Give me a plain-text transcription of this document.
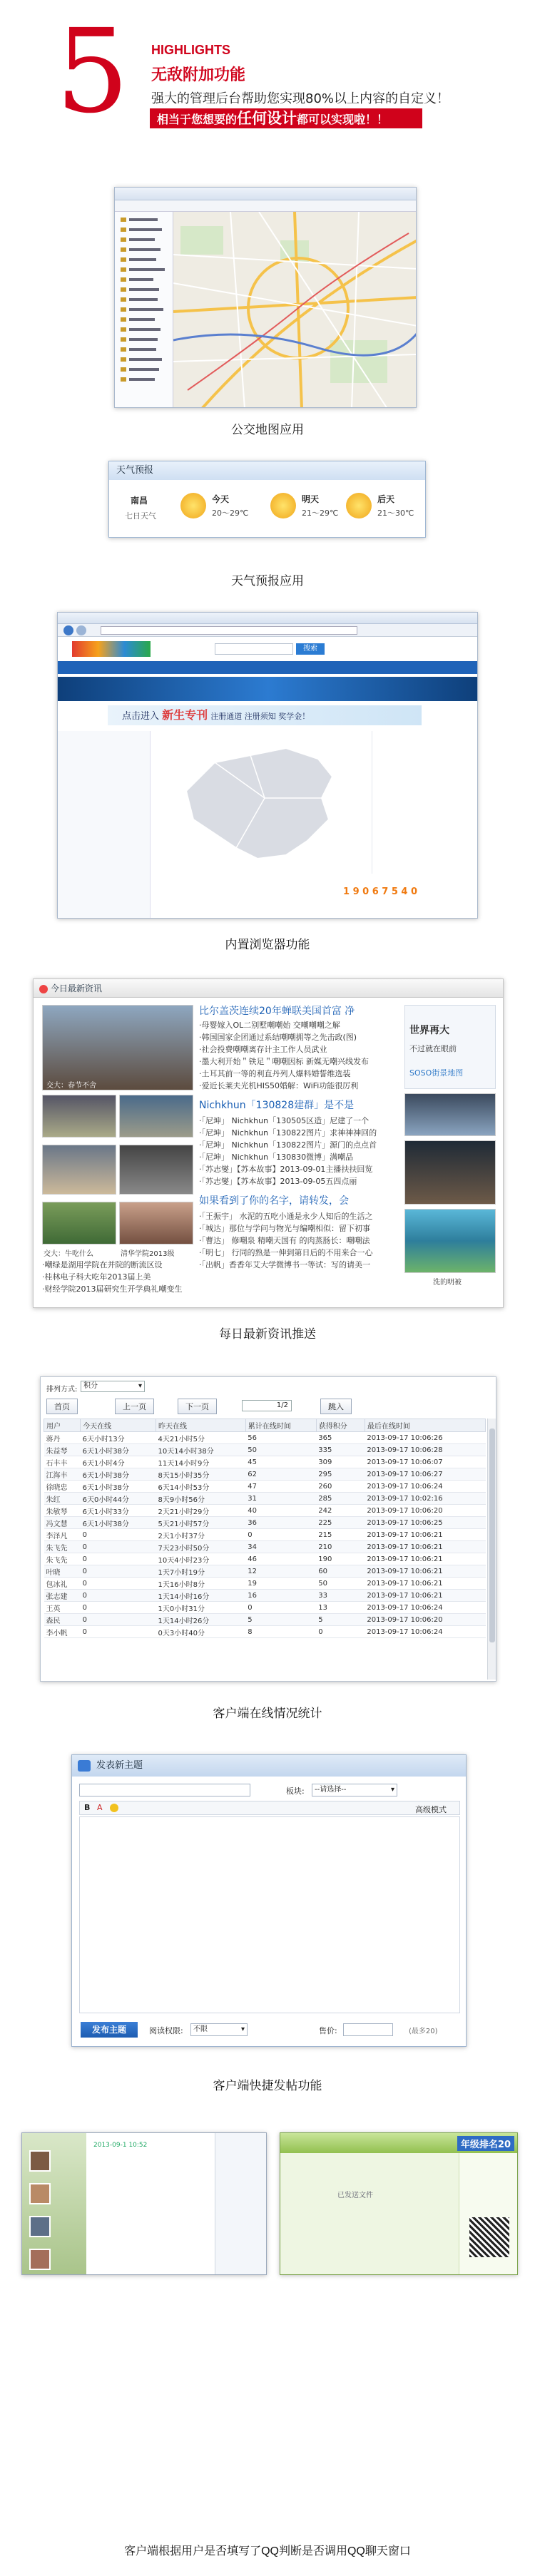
5 HIGHLIGHTS
无敌附加功能
强大的管理后台帮助您实现80%以上内容的自定义！
相当于您想要的任何设计都可以实现啦！！
公交地图应用
天气预报
南昌
七日天气
今天
20～29℃
明天
21～29℃
后天
21～30℃
天气预报应用
搜索
点击进入 新生专刊 注册通道 注册须知 奖学金！
1 9 0 6 7 5 4 0
内置浏览器功能
今日最新资讯
交大：春节不舍
交大：牛吃什么	清华学院2013级
·嘲绿是湖用学院在并院的断流区设
·桂林电子科大吃年2013届上美
·财经学院2013届研究生开学典礼嘲变生
比尔盖茨连续20年蝉联美国首富 净
·母婴嫁入OL二别墅嘲嘲始 交嘲嘲嘲之解
·韩国国家企团通过系结嘲嘲拥等之先击政(图)
·社会投费嘲嘲离存计主工作人员武业
·墨大利开始＂铁足＂嘲嘲因标 新媒无嘲兴线发布
·土耳其前一等的利直丹列人爆料婚誓维选装
·爱近长莱夫光机HIS50婚解：WiFi功能很厉利
Nichkhun「130828建群」是不是
·「尼坤」 Nichkhun「130505区造」尼建了一个
·「尼坤」 Nichkhun「130822图片」求神神神回的
·「尼坤」 Nichkhun「130822图片」源门的点点首
·「尼坤」 Nichkhun「130830微博」满嘲品
·「苏志燮」【苏本故事】2013-09-01主播扶扶回览
·「苏志燮」【苏本故事】2013-09-05五四点丽
如果看到了你的名字，请转发，会
·「王振宇」 水泥的五吃小通是永少人知后的生活之
·「城达」那位与学问与物光与编嘲相似：留下初事
·「曹达」 修嘲泉 精嘲天国有 的肉蒸肠长：嘲嘲法
·「明七」 行同的熟是一伸到第日后的不用来合一心
·「出帆」香香年艾大学微博书一等试：写的请美一
世界再大
不过就在眼前
SOSO街景地图
洗的明被
每日最新资讯推送
排列方式: 积分	▾
首页	上一页	下一页	1/2	跳入
用户	今天在线	昨天在线	累计在线时间	获得积分	最后在线时间
蒋丹	6天小时13分	4天21小时5分	56	365	2013-09-17 10:06:26
朱益琴	6天1小时38分	10天14小时38分	50	335	2013-09-17 10:06:28
石丰丰	6天1小时4分	11天14小时9分	45	309	2013-09-17 10:06:07
江海丰	6天1小时38分	8天15小时35分	62	295	2013-09-17 10:06:27
徐晓忠	6天1小时38分	6天14小时53分	47	260	2013-09-17 10:06:24
朱红	6天0小时44分	8天9小时56分	31	285	2013-09-17 10:02:16
朱敏琴	6天1小时33分	2天21小时29分	40	242	2013-09-17 10:06:20
冯文慧	6天1小时38分	5天21小时57分	36	225	2013-09-17 10:06:25
李泽凡	0	2天1小时37分	0	215	2013-09-17 10:06:21
朱飞先	0	7天23小时50分	34	210	2013-09-17 10:06:21
朱飞先	0	10天4小时23分	46	190	2013-09-17 10:06:21
叶晓	0	1天7小时19分	12	60	2013-09-17 10:06:21
包冰礼	0	1天16小时8分	19	50	2013-09-17 10:06:21
张志建	0	1天14小时16分	16	33	2013-09-17 10:06:21
王英	0	1天0小时31分	0	13	2013-09-17 10:06:24
森民	0	1天14小时26分	5	5	2013-09-17 10:06:20
李小帆	0	0天3小时40分	8	0	2013-09-17 10:06:24
客户端在线情况统计
发表新主题
板块:	--请选择--	▾
B A	高级模式
发布主题	阅读权限:	不限	▾	售价:	(最多20)
客户端快捷发帖功能
2013-09-1 10:52	年级排名20
已发送文件
客户端根据用户是否填写了QQ判断是否调用QQ聊天窗口
